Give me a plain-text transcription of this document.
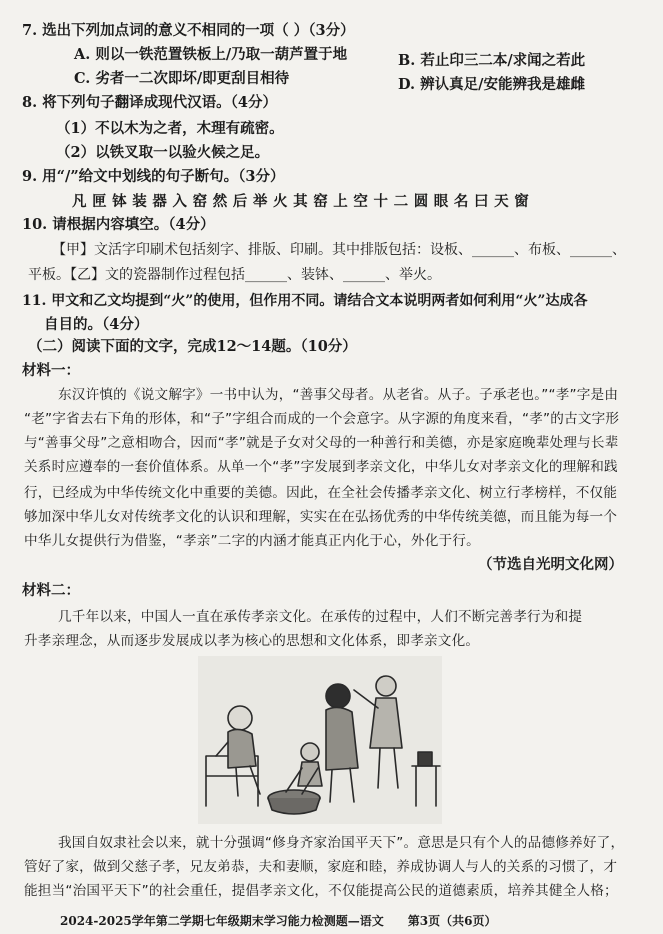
7. 选出下列加点词的意义不相同的一项（ ）（3分）
A. 则以一铁范置铁板上/乃取一葫芦置于地	B. 若止印三二本/求闻之若此
C. 劣者一二次即坏/即更刮目相待	D. 辨认真足/安能辨我是雄雌
8. 将下列句子翻译成现代汉语。（4分）
（1）不以木为之者，木理有疏密。
（2）以铁叉取一以验火候之足。
9. 用“/”给文中划线的句子断句。（3分）
凡匣钵装器入窑然后举火其窑上空十二圆眼名曰天窗
10. 请根据内容填空。（4分）
【甲】文活字印刷术包括刻字、排版、印刷。其中排版包括：设板、______、布板、______、
平板。【乙】文的瓷器制作过程包括______、装钵、______、举火。
11. 甲文和乙文均提到“火”的使用，但作用不同。请结合文本说明两者如何利用“火”达成各
自目的。（4分）
（二）阅读下面的文字，完成12～14题。（10分）
材料一：
东汉许慎的《说文解字》一书中认为，“善事父母者。从老省。从子。子承老也。”“孝”字是由
“老”字省去右下角的形体，和“子”字组合而成的一个会意字。从字源的角度来看，“孝”的古文字形
与“善事父母”之意相吻合，因而“孝”就是子女对父母的一种善行和美德，亦是家庭晚辈处理与长辈
关系时应遵奉的一套价值体系。从单一个“孝”字发展到孝亲文化，中华儿女对孝亲文化的理解和践
行，已经成为中华传统文化中重要的美德。因此，在全社会传播孝亲文化、树立行孝榜样，不仅能
够加深中华儿女对传统孝文化的认识和理解，实实在在弘扬优秀的中华传统美德，而且能为每一个
中华儿女提供行为借鉴，“孝亲”二字的内涵才能真正内化于心，外化于行。
（节选自光明文化网）
材料二：
几千年以来，中国人一直在承传孝亲文化。在承传的过程中，人们不断完善孝行为和提
升孝亲理念，从而逐步发展成以孝为核心的思想和文化体系，即孝亲文化。
我国自奴隶社会以来，就十分强调“修身齐家治国平天下”。意思是只有个人的品德修养好了，
管好了家，做到父慈子孝，兄友弟恭，夫和妻顺，家庭和睦，养成协调人与人的关系的习惯了，才
能担当“治国平天下”的社会重任，提倡孝亲文化，不仅能提高公民的道德素质，培养其健全人格；
2024-2025学年第二学期七年级期末学习能力检测题—语文　　第3页（共6页）
